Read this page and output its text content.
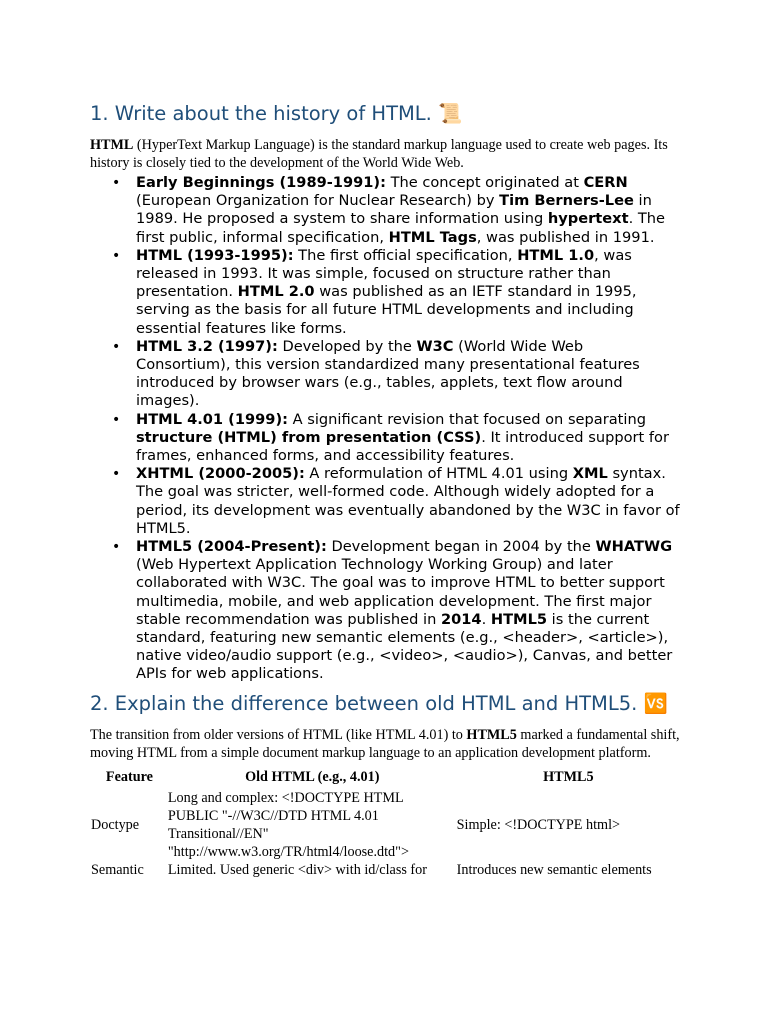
1. Write about the history of HTML. 📜

HTML (HyperText Markup Language) is the standard markup language used to create web pages. Its history is closely tied to the development of the World Wide Web.

• Early Beginnings (1989-1991): The concept originated at CERN (European Organization for Nuclear Research) by Tim Berners-Lee in 1989. He proposed a system to share information using hypertext. The first public, informal specification, HTML Tags, was published in 1991.
• HTML (1993-1995): The first official specification, HTML 1.0, was released in 1993. It was simple, focused on structure rather than presentation. HTML 2.0 was published as an IETF standard in 1995, serving as the basis for all future HTML developments and including essential features like forms.
• HTML 3.2 (1997): Developed by the W3C (World Wide Web Consortium), this version standardized many presentational features introduced by browser wars (e.g., tables, applets, text flow around images).
• HTML 4.01 (1999): A significant revision that focused on separating structure (HTML) from presentation (CSS). It introduced support for frames, enhanced forms, and accessibility features.
• XHTML (2000-2005): A reformulation of HTML 4.01 using XML syntax. The goal was stricter, well-formed code. Although widely adopted for a period, its development was eventually abandoned by the W3C in favor of HTML5.
• HTML5 (2004-Present): Development began in 2004 by the WHATWG (Web Hypertext Application Technology Working Group) and later collaborated with W3C. The goal was to improve HTML to better support multimedia, mobile, and web application development. The first major stable recommendation was published in 2014. HTML5 is the current standard, featuring new semantic elements (e.g., <header>, <article>), native video/audio support (e.g., <video>, <audio>), Canvas, and better APIs for web applications.
2. Explain the difference between old HTML and HTML5. 🆚

The transition from older versions of HTML (like HTML 4.01) to HTML5 marked a fundamental shift, moving HTML from a simple document markup language to an application development platform.

Feature	Old HTML (e.g., 4.01)	HTML5
Doctype	Long and complex: <!DOCTYPE HTML PUBLIC "-//W3C//DTD HTML 4.01 Transitional//EN" "http://www.w3.org/TR/html4/loose.dtd">	Simple: <!DOCTYPE html>

Semantic	Limited. Used generic <div> with id/class for	Introduces new semantic elements
